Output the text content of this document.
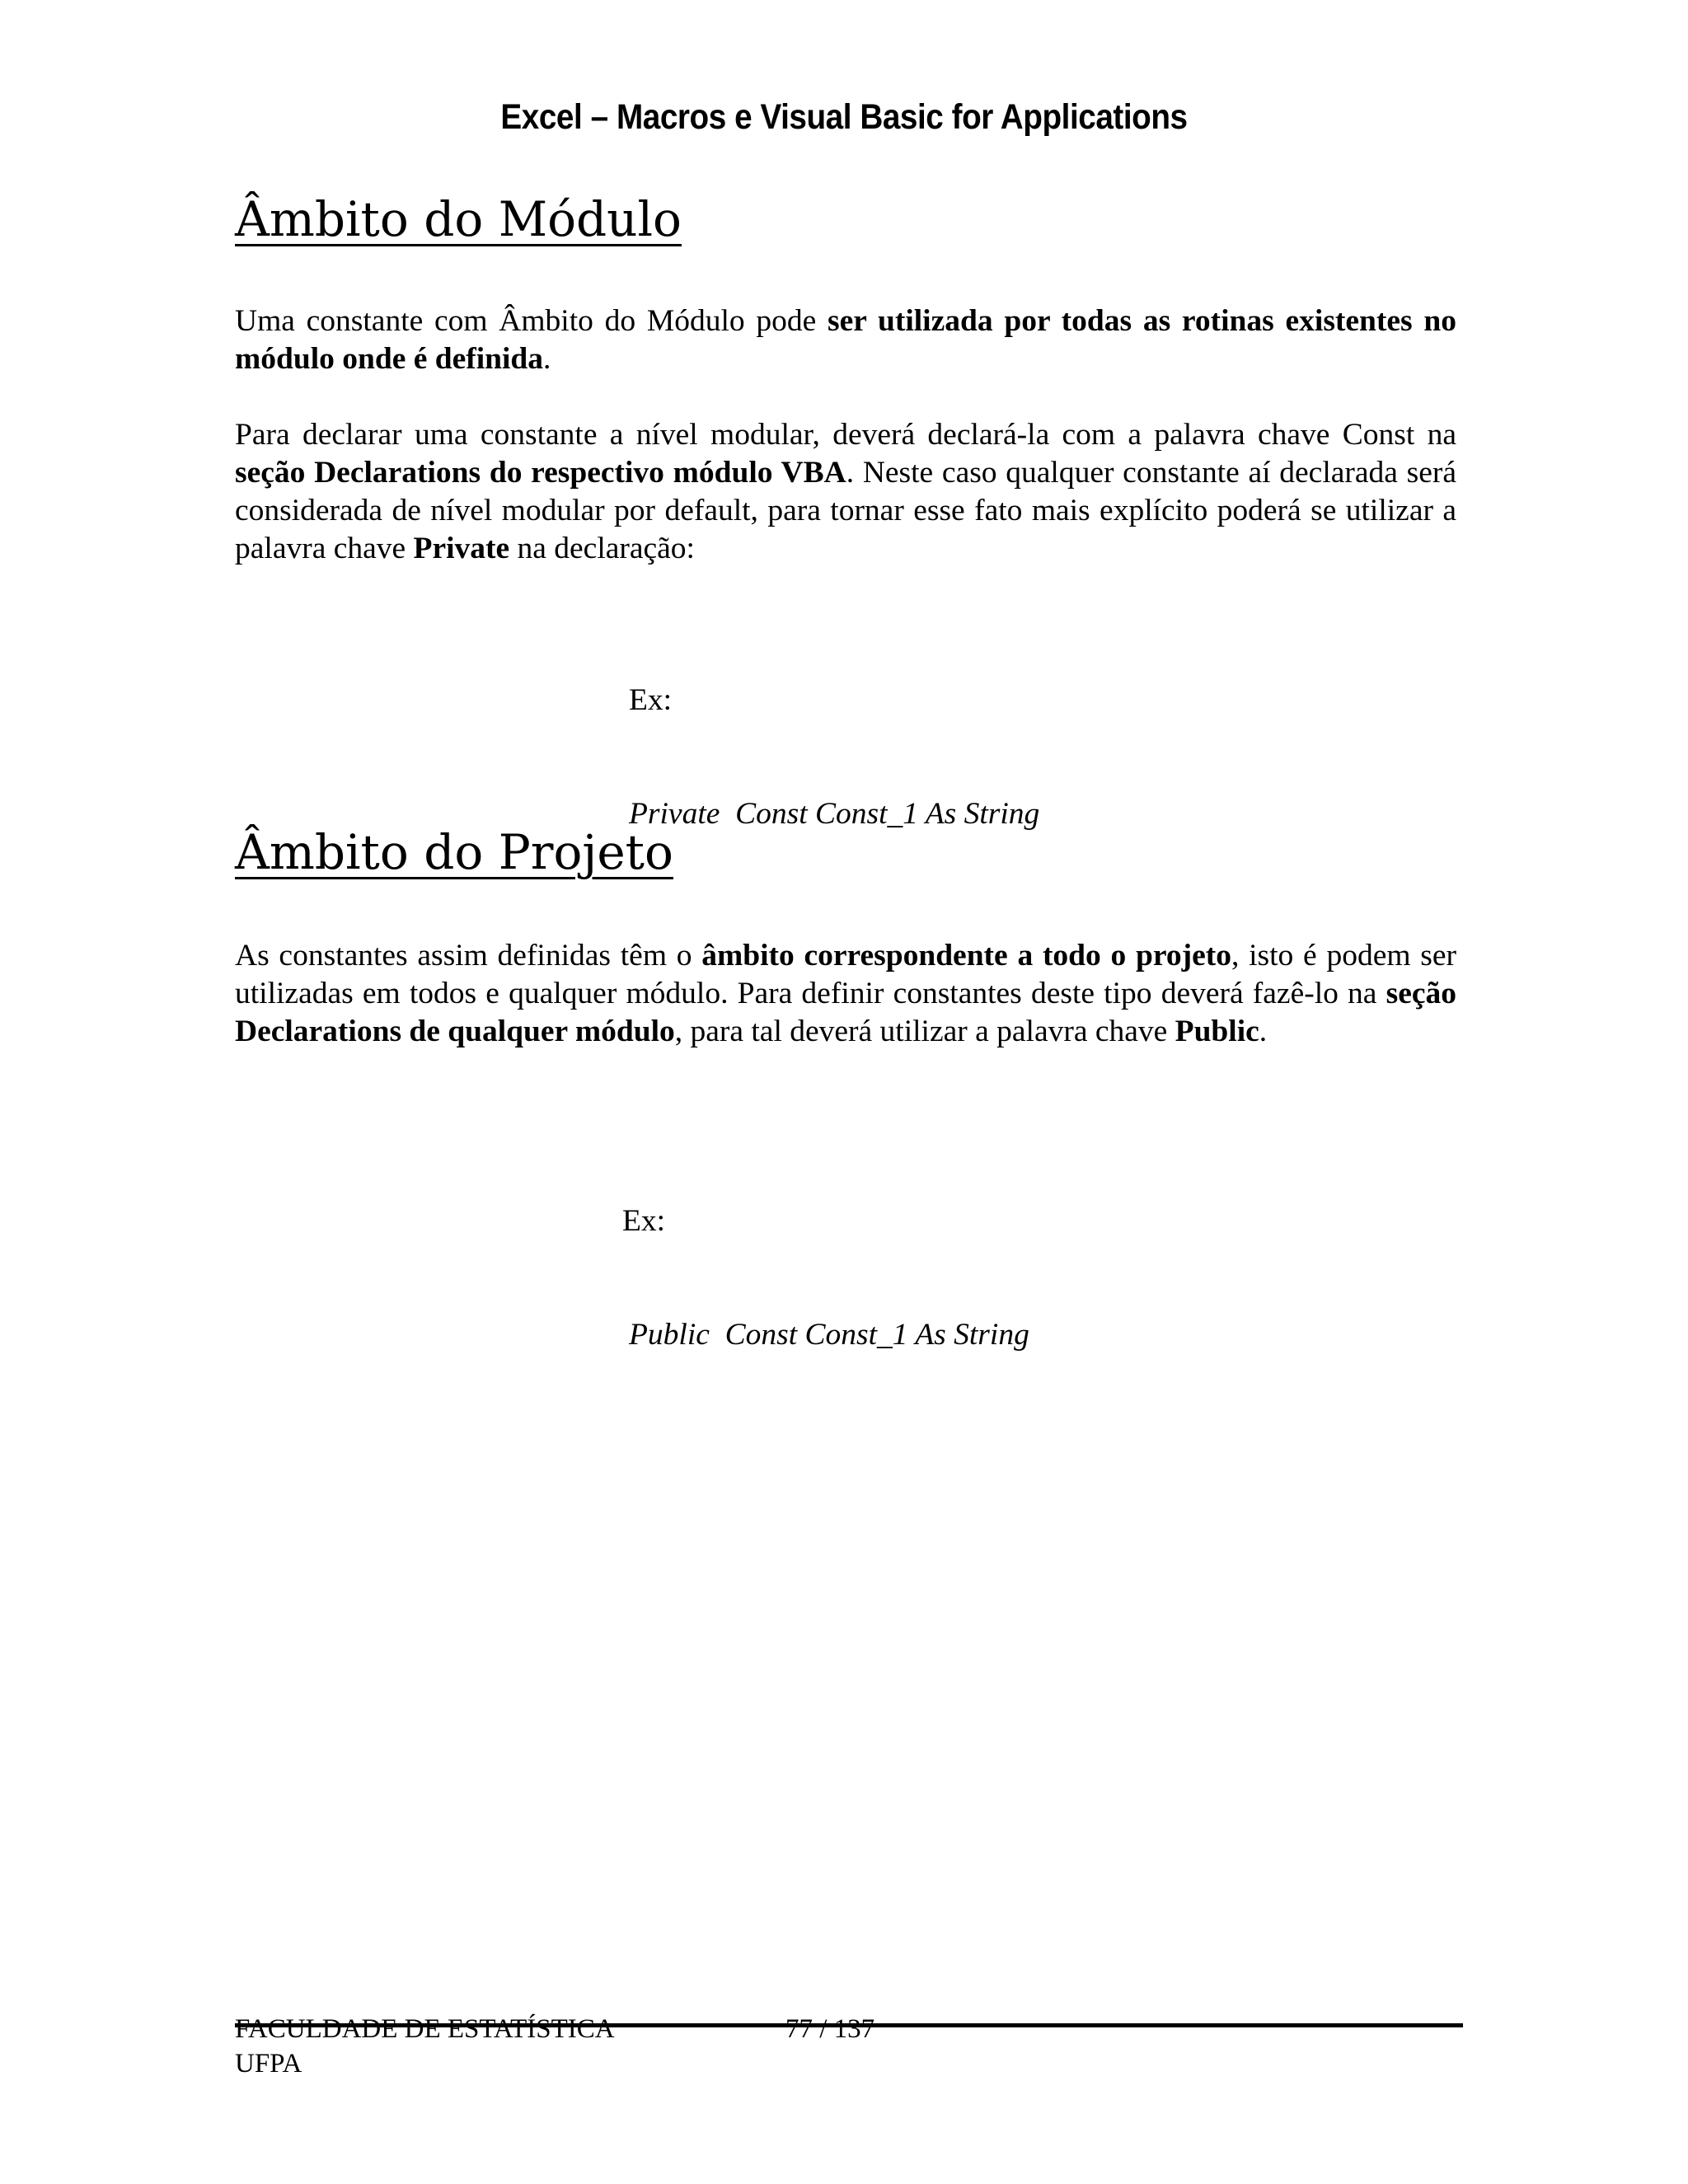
Excel – Macros e Visual Basic for Applications
Âmbito do Módulo

Uma constante com Âmbito do Módulo pode ser utilizada por todas as rotinas existentes no módulo onde é definida.

Para declarar uma constante a nível modular, deverá declará-la com a palavra chave Const na seção Declarations do respectivo módulo VBA. Neste caso qualquer constante aí declarada será considerada de nível modular por default, para tornar esse fato mais explícito poderá se utilizar a palavra chave Private na declaração:

Ex:

Private  Const Const_1 As String

Âmbito do Projeto

As constantes assim definidas têm o âmbito correspondente a todo o projeto, isto é podem ser utilizadas em todos e qualquer módulo. Para definir constantes deste tipo deverá fazê-lo na seção Declarations de qualquer módulo, para tal deverá utilizar a palavra chave Public.

Ex:

Public  Const Const_1 As String

FACULDADE DE ESTATÍSTICA
UFPA
77 / 137
